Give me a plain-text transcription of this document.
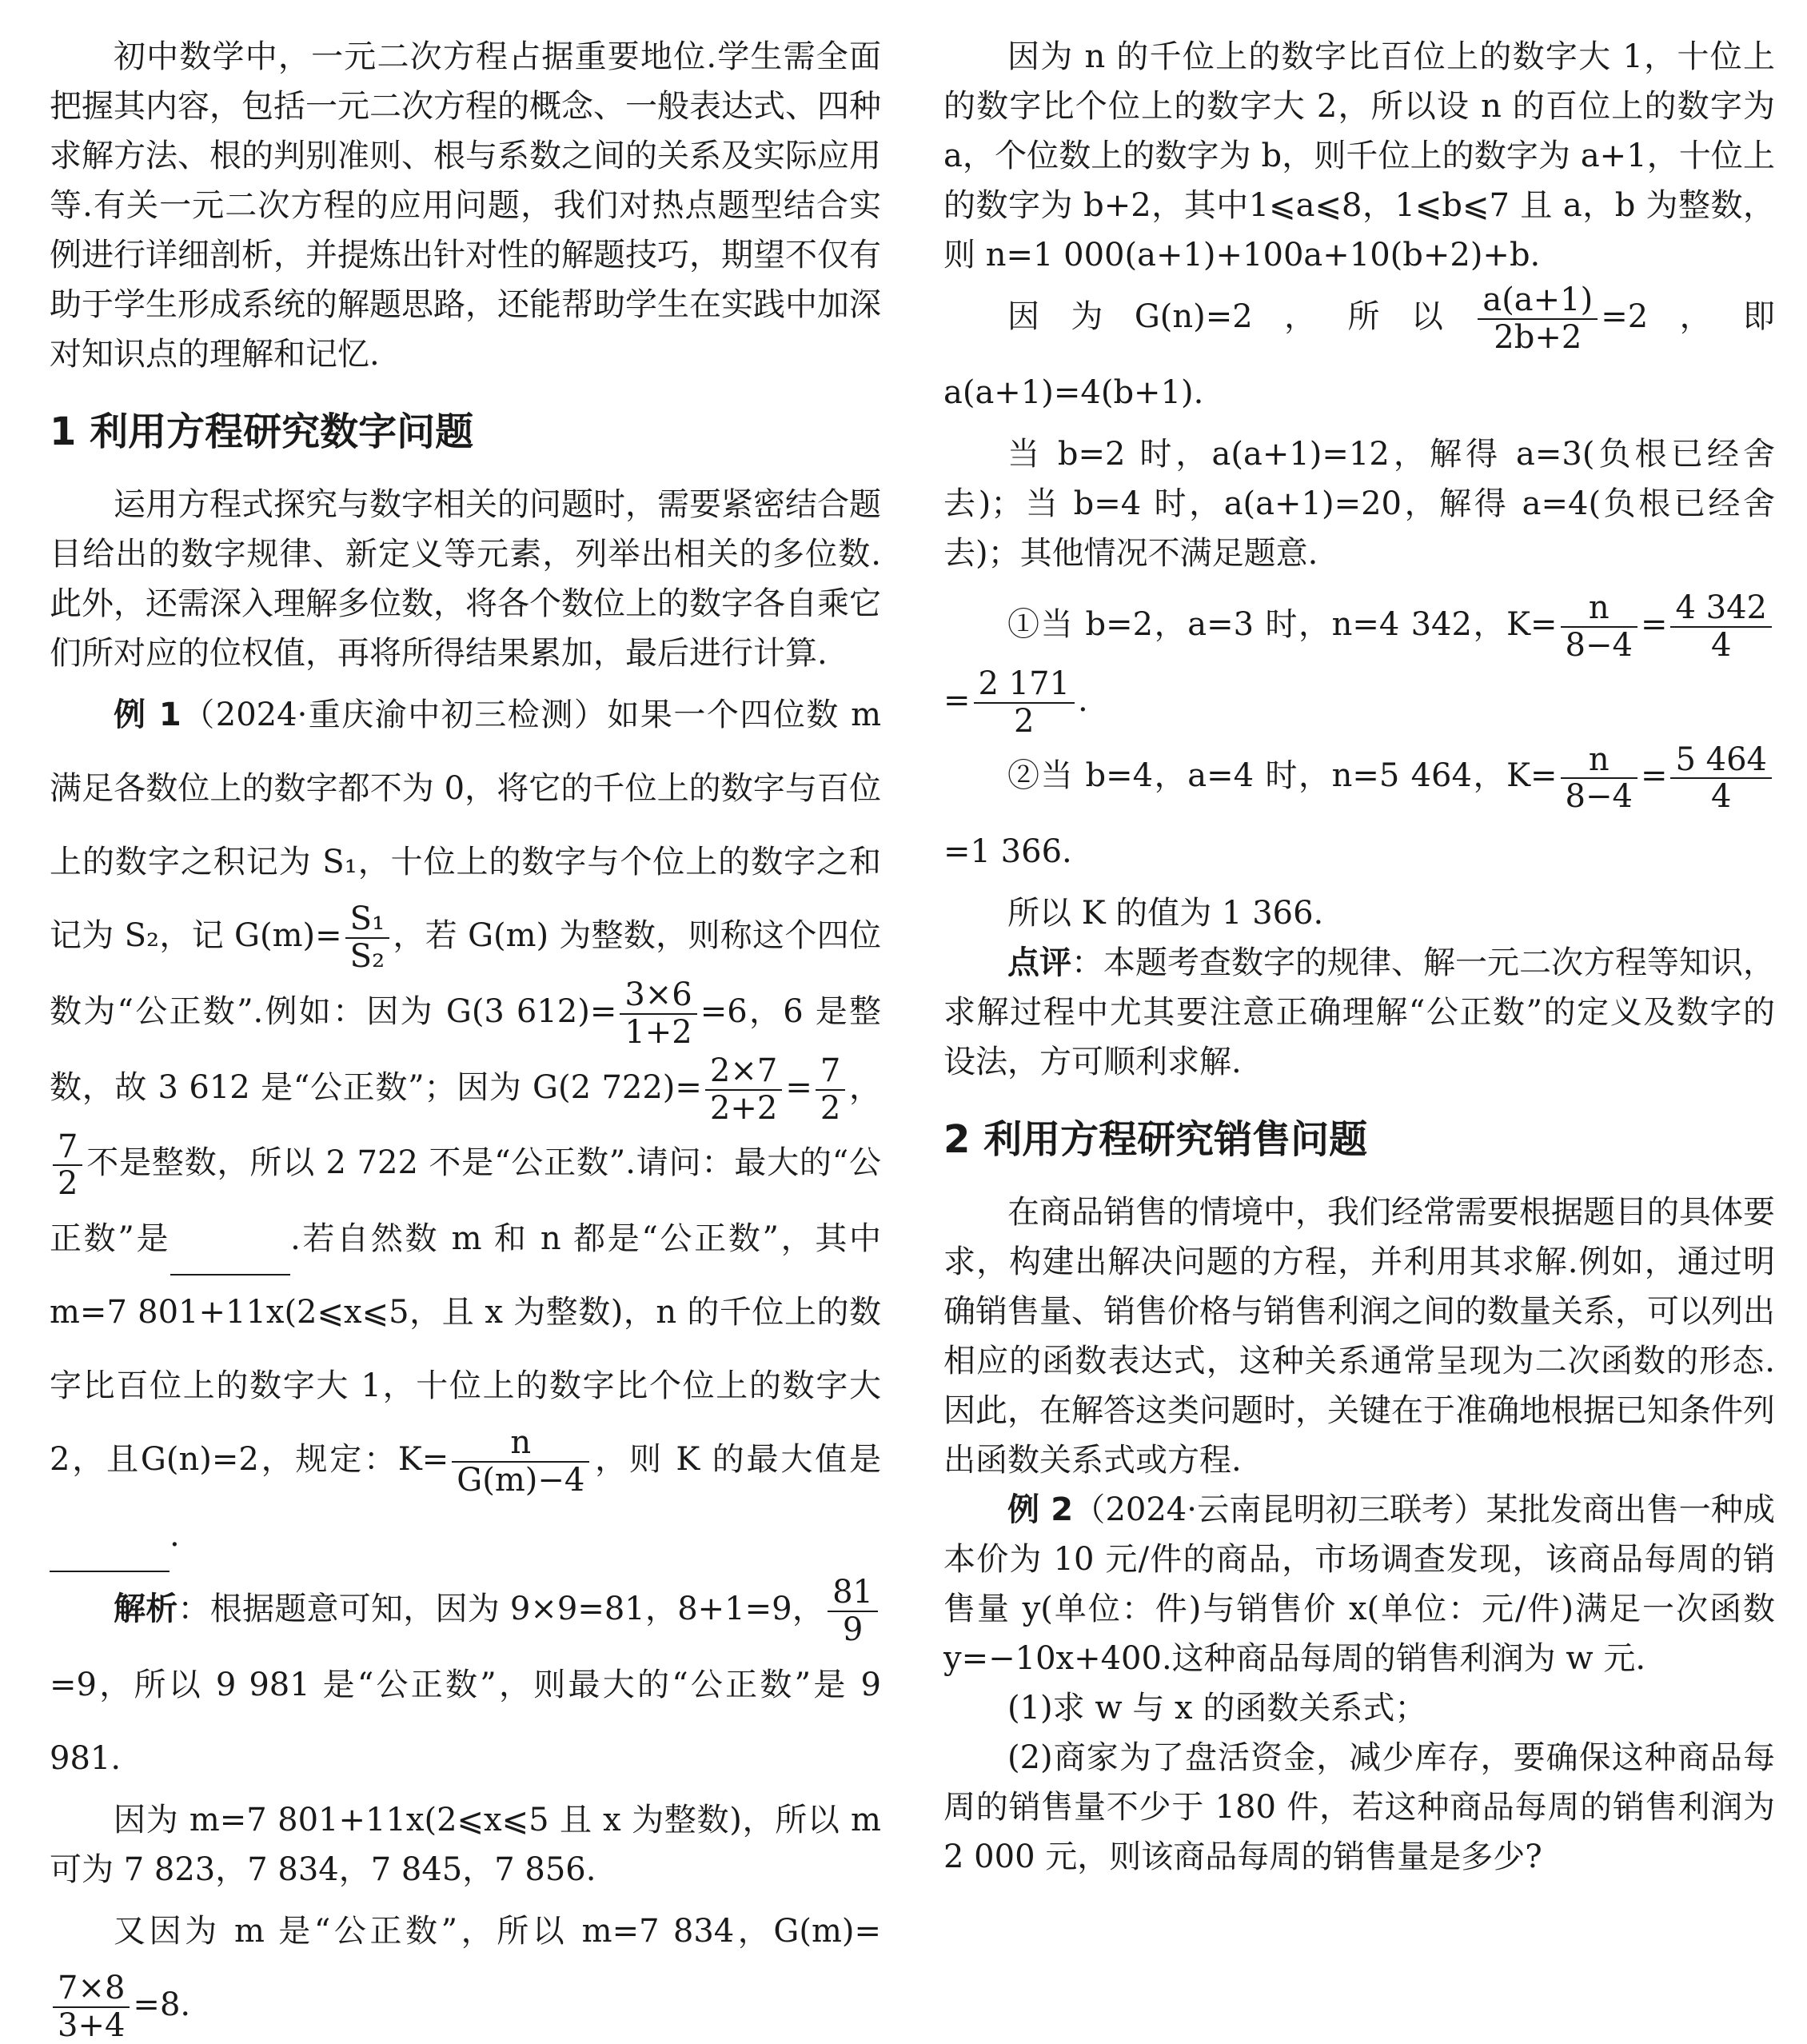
初中数学中，一元二次方程占据重要地位.学生需全面把握其内容，包括一元二次方程的概念、一般表达式、四种求解方法、根的判别准则、根与系数之间的关系及实际应用等.有关一元二次方程的应用问题，我们对热点题型结合实例进行详细剖析，并提炼出针对性的解题技巧，期望不仅有助于学生形成系统的解题思路，还能帮助学生在实践中加深对知识点的理解和记忆.

1 利用方程研究数字问题

运用方程式探究与数字相关的问题时，需要紧密结合题目给出的数字规律、新定义等元素，列举出相关的多位数.此外，还需深入理解多位数，将各个数位上的数字各自乘它们所对应的位权值，再将所得结果累加，最后进行计算.

例 1（2024·重庆渝中初三检测）如果一个四位数 m 满足各数位上的数字都不为 0，将它的千位上的数字与百位上的数字之积记为 S₁，十位上的数字与个位上的数字之和记为 S₂，记 $G(m)= \frac{\text{S₁}}{\text{S₂}}$ ，若 G(m) 为整数，则称这个四位数为“公正数”.例如：因为 G(3 $612)= \frac{3\times 6}{1+2} =6$，6 是整数，故 3 612 是“公正数”；因为 G(2 $722)= \frac{2\times 7}{2+2} = \frac{7}{2}$ ，
$\frac{7}{2}$ 不是整数，所以 2 722 不是“公正数”.请问：最大的“公正数”是	.若自然数 m 和 n 都是“公正数”，其中 m=7 801+11x(2⩽x⩽5，且 x 为整数)，n 的千位上的数字比百位上的数字大 1，十位上的数字比个位上的数字大 2，且G(n)=2，规定：$K= \frac{n}{G(m)-4}$ ，则 K 的最大值是.

解析：根据题意可知，因为 9×9=81，8+1=9， $\frac{81}{9}$
=9，所以 9 981 是“公正数”，则最大的“公正数”是 9 981.

因为 m=7 801+11x(2⩽x⩽5 且 x 为整数)，所以 m 可为 7 823，7 834，7 845，7 856.

又因为 m 是“公正数”，所以 m=7 834，G(m)=
$\frac{7\times 8}{3+4} =8$.

因为 n 的千位上的数字比百位上的数字大 1，十位上的数字比个位上的数字大 2，所以设 n 的百位上的数字为 a，个位数上的数字为 b，则千位上的数字为 a+1，十位上的数字为 b+2，其中1⩽a⩽8，1⩽b⩽7 且 a，b 为整数，则 n=1 000(a+1)+100a+10(b+2)+b.

因为G(n)=2，所以 $\frac{a(a+1)}{2b+2} =2$，即 a(a+1)=4(b+1).

当 b=2 时，a(a+1)=12，解得 a=3(负根已经舍去)；当 b=4 时，a(a+1)=20，解得 a=4(负根已经舍去)；其他情况不满足题意.

①当 b=2，a=3 时，n=4 342，$K= \frac{n}{8-4} = \frac{4 342}{4}$
= $\frac{2 171}{2}$ .

②当 b=4，a=4 时，n=5 464，$K= \frac{n}{8-4} = \frac{5 464}{4}$
=1 366.

所以 K 的值为 1 366.

点评：本题考查数字的规律、解一元二次方程等知识，求解过程中尤其要注意正确理解“公正数”的定义及数字的设法，方可顺利求解.

2 利用方程研究销售问题

在商品销售的情境中，我们经常需要根据题目的具体要求，构建出解决问题的方程，并利用其求解.例如，通过明确销售量、销售价格与销售利润之间的数量关系，可以列出相应的函数表达式，这种关系通常呈现为二次函数的形态.因此，在解答这类问题时，关键在于准确地根据已知条件列出函数关系式或方程.

例 2（2024·云南昆明初三联考）某批发商出售一种成本价为 10 元/件的商品，市场调查发现，该商品每周的销售量 y(单位：件)与销售价 x(单位：元/件)满足一次函数 y=−10x+400.这种商品每周的销售利润为 w 元.

(1)求 w 与 x 的函数关系式；

(2)商家为了盘活资金，减少库存，要确保这种商品每周的销售量不少于 180 件，若这种商品每周的销售利润为 2 000 元，则该商品每周的销售量是多少?
